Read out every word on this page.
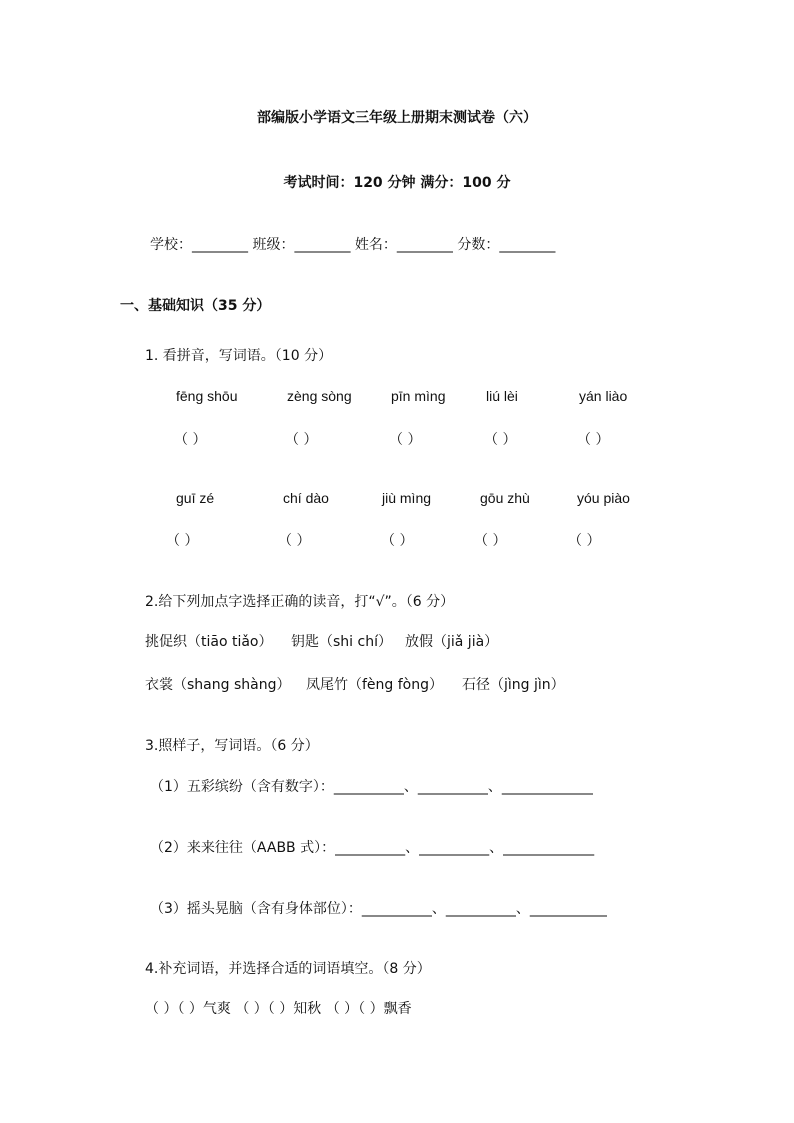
部编版小学语文三年级上册期末测试卷（六）
考试时间：120 分钟 满分：100 分
学校：________ 班级：________ 姓名：________ 分数：________
一、基础知识（35 分）
1. 看拼音，写词语。（10 分）
fēng shōu	zèng sòng	pīn mìng	liú lèi	yán liào
（ ）	（ ）	（ ）	（ ）	（ ）
guī zé	chí dào	jiù mìng	gōu zhù	yóu piào
（ ）	（ ）	（ ）	（ ）	（ ）
2.给下列加点字选择正确的读音，打“√”。（6 分）
挑促织（tiāo tiǎo） 钥匙（shi chí） 放假（jiǎ jià）
衣裳（shang shàng） 凤尾竹（fèng fòng） 石径（jìng jìn）
3.照样子，写词语。（6 分）
（1）五彩缤纷（含有数字）：__________、__________、_____________
（2）来来往往（AABB 式）：__________、__________、_____________
（3）摇头晃脑（含有身体部位）：__________、__________、___________
4.补充词语，并选择合适的词语填空。（8 分）
（ ）（ ）气爽 （ ）（ ）知秋 （ ）（ ）飘香
